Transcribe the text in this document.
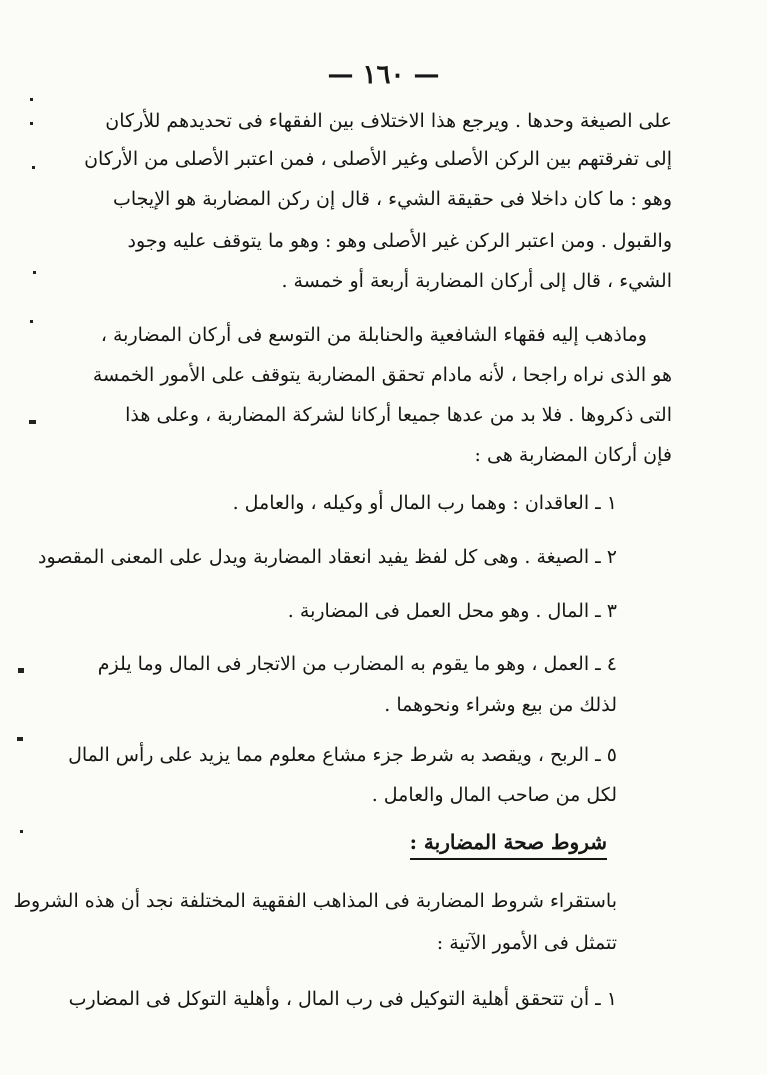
— ١٦٠ —
على الصيغة وحدها . ويرجع هذا الاختلاف بين الفقهاء فى تحديدهم للأركان
إلى تفرقتهم بين الركن الأصلى وغير الأصلى ، فمن اعتبر الأصلى من الأركان
وهو : ما كان داخلا فى حقيقة الشيء ، قال إن ركن المضاربة هو الإيجاب
والقبول . ومن اعتبر الركن غير الأصلى وهو : وهو ما يتوقف عليه وجود
الشيء ، قال إلى أركان المضاربة أربعة أو خمسة .
وماذهب إليه فقهاء الشافعية والحنابلة من التوسع فى أركان المضاربة ،
هو الذى نراه راجحا ، لأنه مادام تحقق المضاربة يتوقف على الأمور الخمسة
التى ذكروها . فلا بد من عدها جميعا أركانا لشركة المضاربة ، وعلى هذا
فإن أركان المضاربة هى :
١ ـ العاقدان : وهما رب المال أو وكيله ، والعامل .
٢ ـ الصيغة . وهى كل لفظ يفيد انعقاد المضاربة ويدل على المعنى المقصود
٣ ـ المال . وهو محل العمل فى المضاربة .
٤ ـ العمل ، وهو ما يقوم به المضارب من الاتجار فى المال وما يلزم
لذلك من بيع وشراء ونحوهما .
٥ ـ الربح ، ويقصد به شرط جزء مشاع معلوم مما يزيد على رأس المال
لكل من صاحب المال والعامل .
شروط صحة المضاربة :
باستقراء شروط المضاربة فى المذاهب الفقهية المختلفة نجد أن هذه الشروط
تتمثل فى الأمور الآتية :
١ ـ أن تتحقق أهلية التوكيل فى رب المال ، وأهلية التوكل فى المضارب
